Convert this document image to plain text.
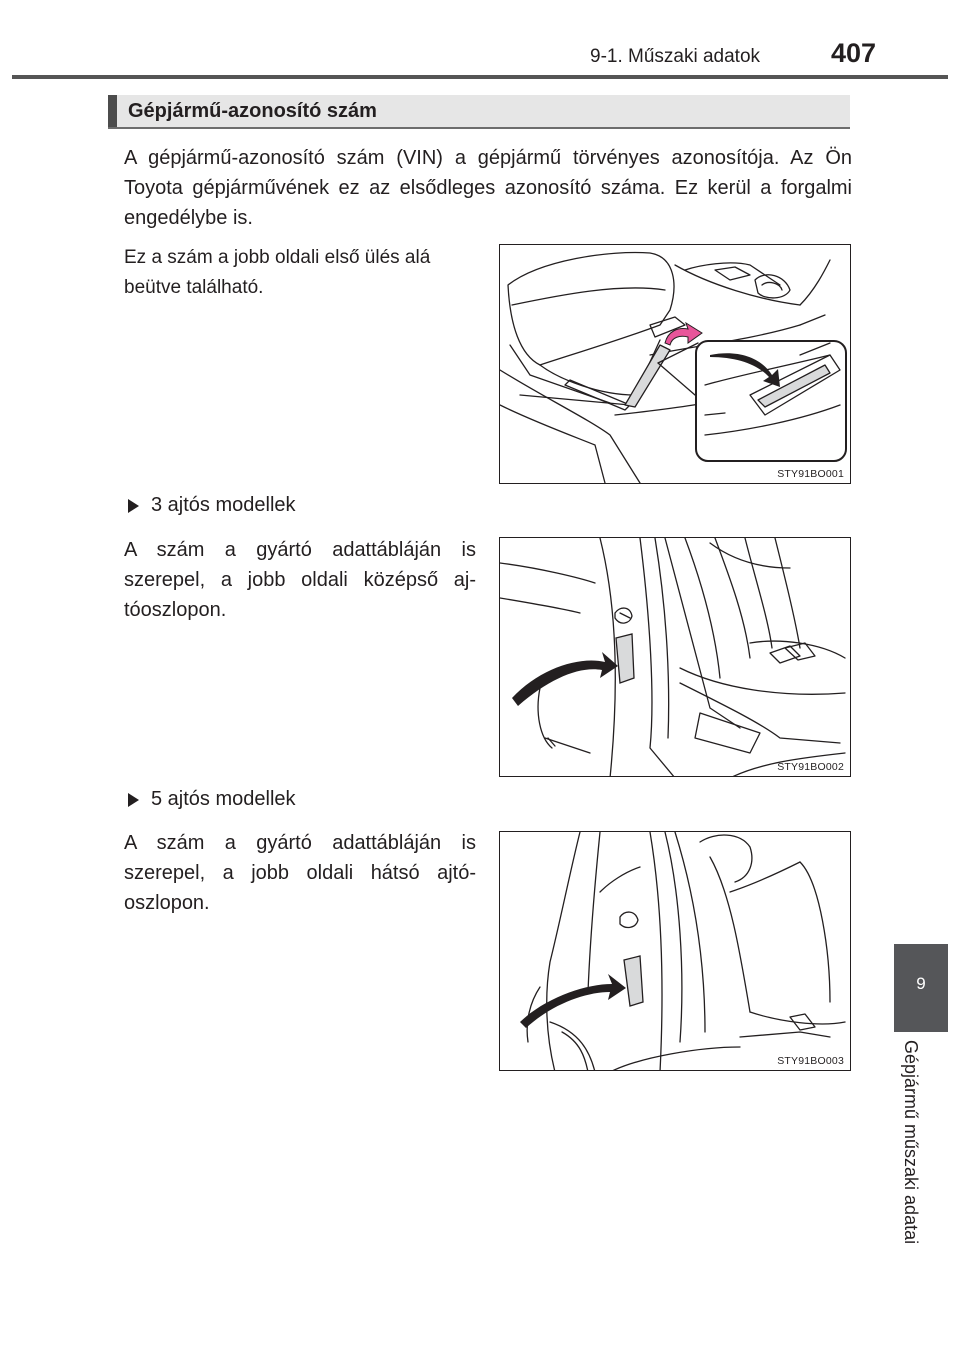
9-1. Műszaki adatok	407
Gépjármű-azonosító szám

A gépjármű-azonosító szám (VIN) a gépjármű törvényes azonosítója. Az Ön Toyota gépjárművének ez az elsődleges azonosító száma. Ez kerül a forgalmi engedélybe is.

Ez a szám a jobb oldali első ülés alá beütve található.
STY91BO001
3 ajtós modellek
A szám a gyártó adattábláján is szerepel, a jobb oldali középső aj-tóoszlopon.
STY91BO002
5 ajtós modellek
A szám a gyártó adattábláján is szerepel, a jobb oldali hátsó ajtó-oszlopon.
STY91BO003
9
Gépjármű műszaki adatai
